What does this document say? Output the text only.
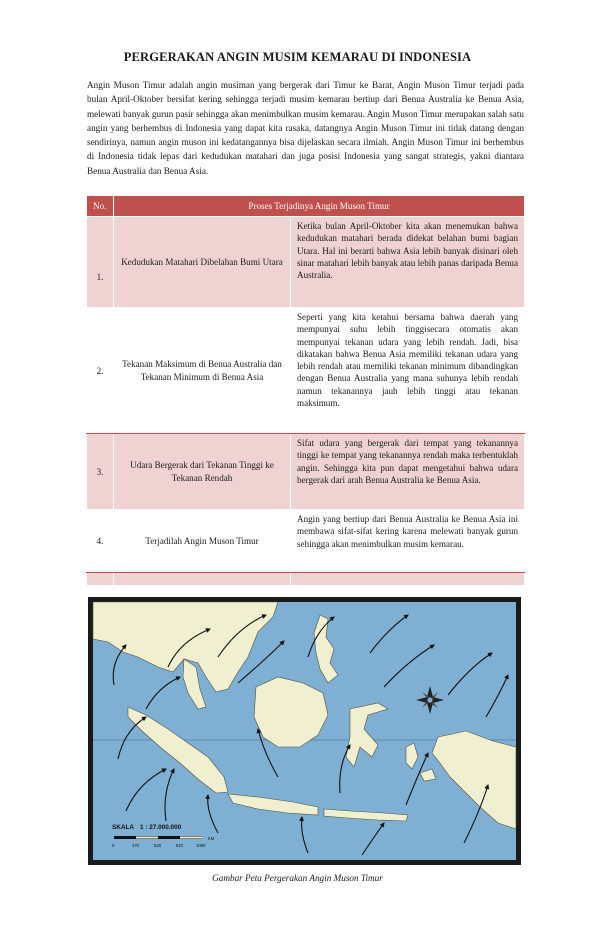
PERGERAKAN ANGIN MUSIM KEMARAU DI INDONESIA
Angin Muson Timur adalah angin musiman yang bergerak dari Timur ke Barat, Angin Muson Timur terjadi pada bulan April-Oktober bersifat kering sehingga terjadi musim kemarau bertiup dari Benua Australia ke Benua Asia, melewati banyak gurun pasir sehingga akan menimbulkan musim kemarau. Angin Muson Timur merupakan salah satu angin yang berhembus di Indonesia yang dapat kita rasaka, datangnya Angin Muson Timur ini tidak datang dengan sendirinya, namun angin muson ini kedatangannya bisa dijelaskan secara ilmiah. Angin Muson Timur ini berhembus di Indonesia tidak lepas dari kedudukan matahari dan juga posisi Indonesia yang sangat strategis, yakni diantara Benua Australia dan Benua Asia.
No.	Proses Terjadinya Angin Muson Timur	
1.	Kedudukan Matahari Dibelahan Bumi Utara	Ketika bulan April-Oktober kita akan menemukan bahwa kedudukan matahari berada didekat belahan bumi bagian Utara. Hal ini berarti bahwa Asia lebih banyak disinari oleh sinar matahari lebih banyak atau lebih panas daripada Benua Australia.
2.	Tekanan Maksimum di Benua Australia dan Tekanan Minimum di Benua Asia	Seperti yang kita ketahui bersama bahwa daerah yang mempunyai suhu lebih tinggisecara otomatis akan mempunyai tekanan udara yang lebih rendah. Jadi, bisa dikatakan bahwa Benua Asia memiliki tekanan udara yang lebih rendah atau memiliki tekanan minimum dibandingkan dengan Benua Australia yang mana suhunya lebih rendah namun tekanannya jauh lebih tinggi atau tekanan maksimum.
3.	Udara Bergerak dari Tekanan Tinggi ke Tekanan Rendah	Sifat udara yang bergerak dari tempat yang tekanannya tinggi ke tempat yang tekanannya rendah maka terbentuklah angin. Sehingga kita pun dapat mengetahui bahwa udara bergerak dari arah Benua Australia ke Benua Asia.
4.	Terjadilah Angin Muson Timur	Angin yang bertiup dari Benua Australia ke Benua Asia ini membawa sifat-sifat kering karena melewati banyak gurun sehingga akan menimbulkan musim kemarau.

SKALA 1 : 27.000.000
0	270	540	810	1080
KM
Gambar Peta Pergerakan Angin Muson Timur
